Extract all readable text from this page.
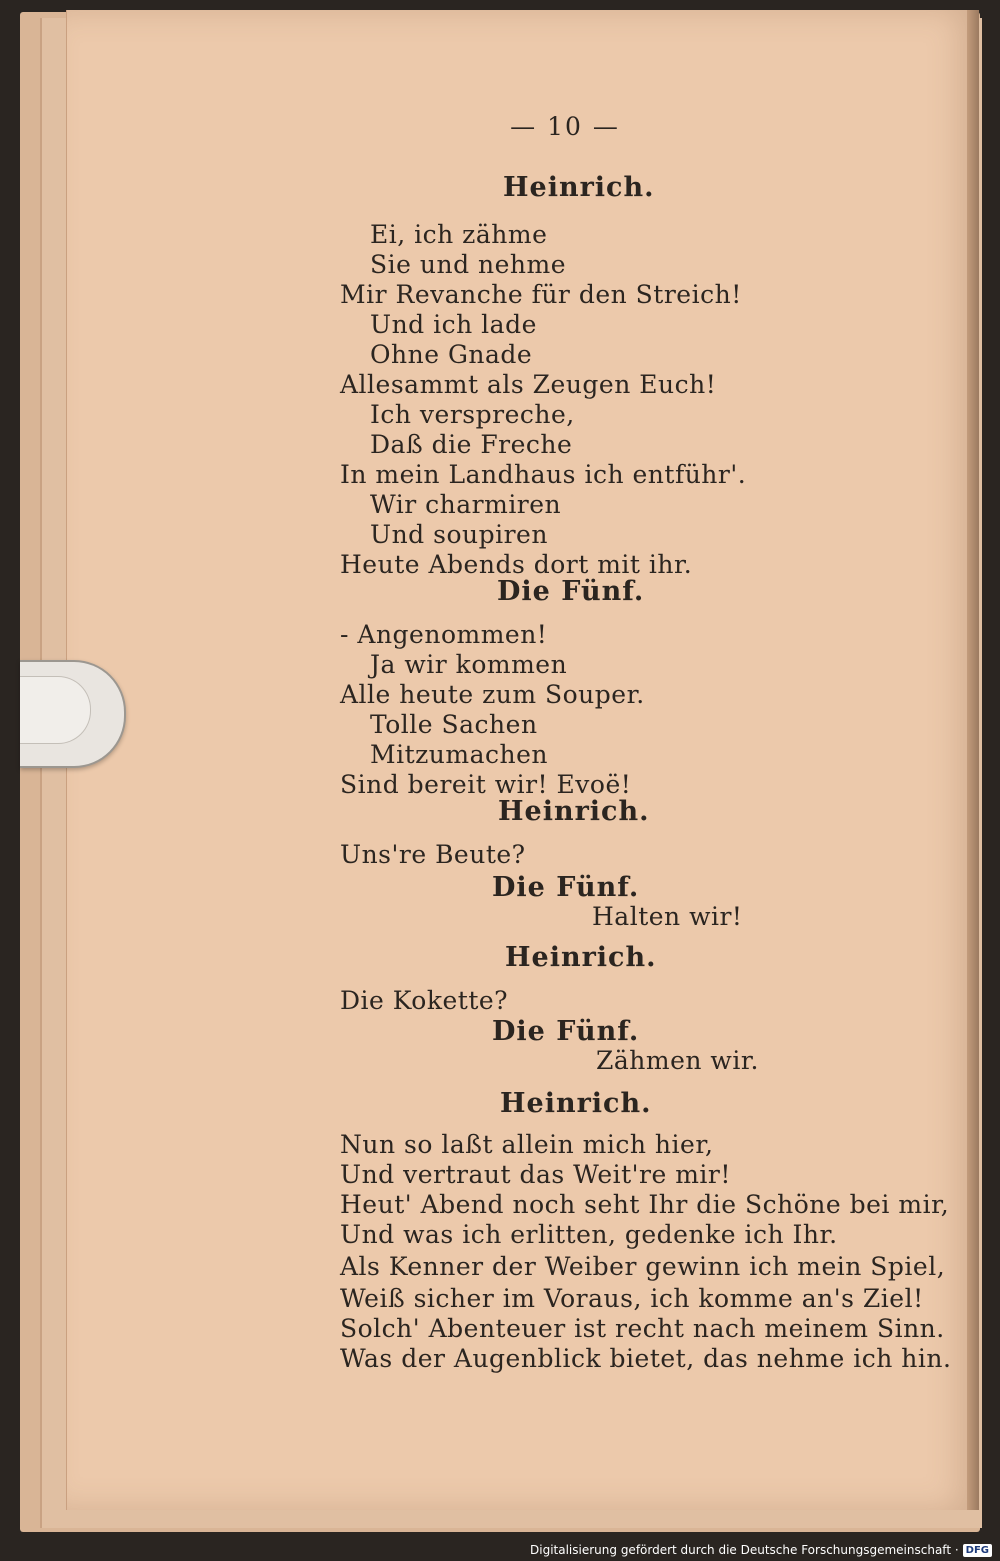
— 10 —
Heinrich.
Ei, ich zähme
Sie und nehme
Mir Revanche für den Streich!
Und ich lade
Ohne Gnade
Allesammt als Zeugen Euch!
Ich verspreche,
Daß die Freche
In mein Landhaus ich entführ'.
Wir charmiren
Und soupiren
Heute Abends dort mit ihr.
Die Fünf.
- Angenommen!
Ja wir kommen
Alle heute zum Souper.
Tolle Sachen
Mitzumachen
Sind bereit wir! Evoë!
Heinrich.
Uns're Beute?
Die Fünf.
Halten wir!
Heinrich.
Die Kokette?
Die Fünf.
Zähmen wir.
Heinrich.
Nun so laßt allein mich hier,
Und vertraut das Weit're mir!
Heut' Abend noch seht Ihr die Schöne bei mir,
Und was ich erlitten, gedenke ich Ihr.
Als Kenner der Weiber gewinn ich mein Spiel,
Weiß sicher im Voraus, ich komme an's Ziel!
Solch' Abenteuer ist recht nach meinem Sinn.
Was der Augenblick bietet, das nehme ich hin.
Digitalisierung gefördert durch die Deutsche Forschungsgemeinschaft · DFG
